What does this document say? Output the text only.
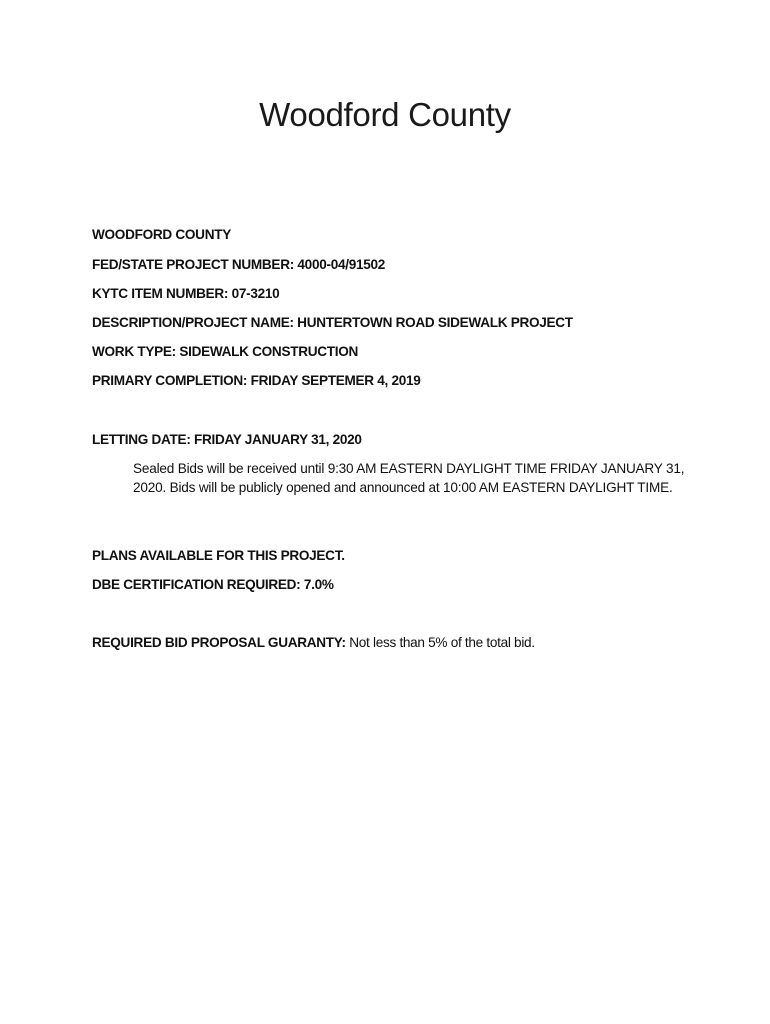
Woodford County

WOODFORD COUNTY

FED/STATE PROJECT NUMBER: 4000-04/91502

KYTC ITEM NUMBER: 07-3210

DESCRIPTION/PROJECT NAME: HUNTERTOWN ROAD SIDEWALK PROJECT

WORK TYPE: SIDEWALK CONSTRUCTION

PRIMARY COMPLETION: FRIDAY SEPTEMER 4, 2019

LETTING DATE: FRIDAY JANUARY 31, 2020

Sealed Bids will be received until 9:30 AM EASTERN DAYLIGHT TIME FRIDAY JANUARY 31, 2020. Bids will be publicly opened and announced at 10:00 AM EASTERN DAYLIGHT TIME.

PLANS AVAILABLE FOR THIS PROJECT.

DBE CERTIFICATION REQUIRED: 7.0%

REQUIRED BID PROPOSAL GUARANTY: Not less than 5% of the total bid.
